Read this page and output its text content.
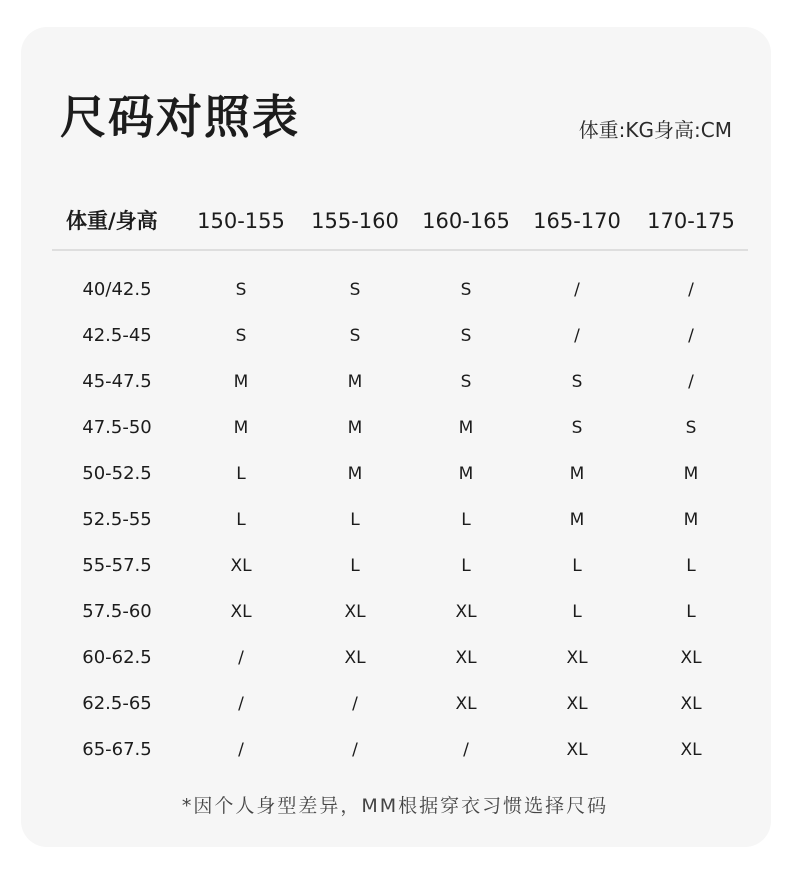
尺码对照表	体重:KG身高:CM
体重/身高	150-155	155-160	160-165	165-170	170-175
40/42.5	S	S	S	/	/
42.5-45	S	S	S	/	/
45-47.5	M	M	S	S	/
47.5-50	M	M	M	S	S
50-52.5	L	M	M	M	M
52.5-55	L	L	L	M	M
55-57.5	XL	L	L	L	L
57.5-60	XL	XL	XL	L	L
60-62.5	/	XL	XL	XL	XL
62.5-65	/	/	XL	XL	XL
65-67.5	/	/	/	XL	XL
*因个人身型差异，MM根据穿衣习惯选择尺码
